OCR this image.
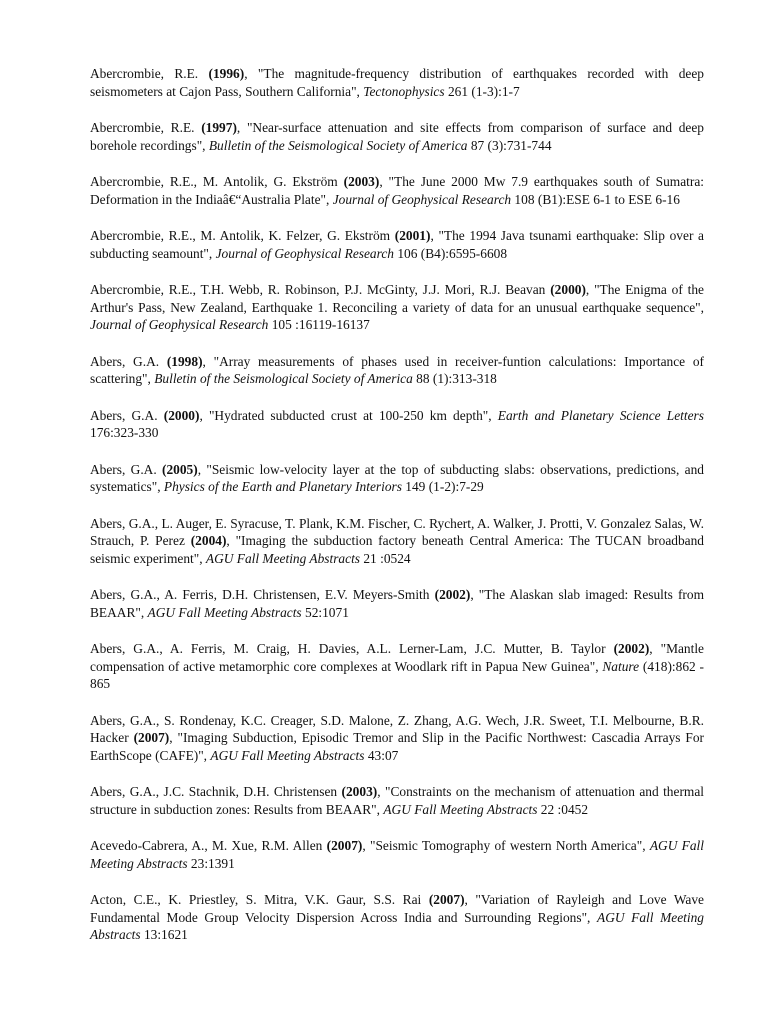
Abercrombie, R.E. (1996), "The magnitude-frequency distribution of earthquakes recorded with deep seismometers at Cajon Pass, Southern California", Tectonophysics 261 (1-3):1-7

Abercrombie, R.E. (1997), "Near-surface attenuation and site effects from comparison of surface and deep borehole recordings", Bulletin of the Seismological Society of America 87 (3):731-744

Abercrombie, R.E., M. Antolik, G. Ekström (2003), "The June 2000 Mw 7.9 earthquakes south of Sumatra: Deformation in the Indiaâ€“Australia Plate", Journal of Geophysical Research 108 (B1):ESE 6-1 to ESE 6-16

Abercrombie, R.E., M. Antolik, K. Felzer, G. Ekström (2001), "The 1994 Java tsunami earthquake: Slip over a subducting seamount", Journal of Geophysical Research 106 (B4):6595-6608

Abercrombie, R.E., T.H. Webb, R. Robinson, P.J. McGinty, J.J. Mori, R.J. Beavan (2000), "The Enigma of the Arthur's Pass, New Zealand, Earthquake 1. Reconciling a variety of data for an unusual earthquake sequence", Journal of Geophysical Research 105 :16119-16137

Abers, G.A. (1998), "Array measurements of phases used in receiver-funtion calculations: Importance of scattering", Bulletin of the Seismological Society of America 88 (1):313-318

Abers, G.A. (2000), "Hydrated subducted crust at 100-250 km depth", Earth and Planetary Science Letters 176:323-330

Abers, G.A. (2005), "Seismic low-velocity layer at the top of subducting slabs: observations, predictions, and systematics", Physics of the Earth and Planetary Interiors 149 (1-2):7-29

Abers, G.A., L. Auger, E. Syracuse, T. Plank, K.M. Fischer, C. Rychert, A. Walker, J. Protti, V. Gonzalez Salas, W. Strauch, P. Perez (2004), "Imaging the subduction factory beneath Central America: The TUCAN broadband seismic experiment", AGU Fall Meeting Abstracts 21 :0524

Abers, G.A., A. Ferris, D.H. Christensen, E.V. Meyers-Smith (2002), "The Alaskan slab imaged: Results from BEAAR", AGU Fall Meeting Abstracts 52:1071

Abers, G.A., A. Ferris, M. Craig, H. Davies, A.L. Lerner-Lam, J.C. Mutter, B. Taylor (2002), "Mantle compensation of active metamorphic core complexes at Woodlark rift in Papua New Guinea", Nature (418):862 - 865

Abers, G.A., S. Rondenay, K.C. Creager, S.D. Malone, Z. Zhang, A.G. Wech, J.R. Sweet, T.I. Melbourne, B.R. Hacker (2007), "Imaging Subduction, Episodic Tremor and Slip in the Pacific Northwest: Cascadia Arrays For EarthScope (CAFE)", AGU Fall Meeting Abstracts 43:07

Abers, G.A., J.C. Stachnik, D.H. Christensen (2003), "Constraints on the mechanism of attenuation and thermal structure in subduction zones: Results from BEAAR", AGU Fall Meeting Abstracts 22 :0452

Acevedo-Cabrera, A., M. Xue, R.M. Allen (2007), "Seismic Tomography of western North America", AGU Fall Meeting Abstracts 23:1391

Acton, C.E., K. Priestley, S. Mitra, V.K. Gaur, S.S. Rai (2007), "Variation of Rayleigh and Love Wave Fundamental Mode Group Velocity Dispersion Across India and Surrounding Regions", AGU Fall Meeting Abstracts 13:1621
